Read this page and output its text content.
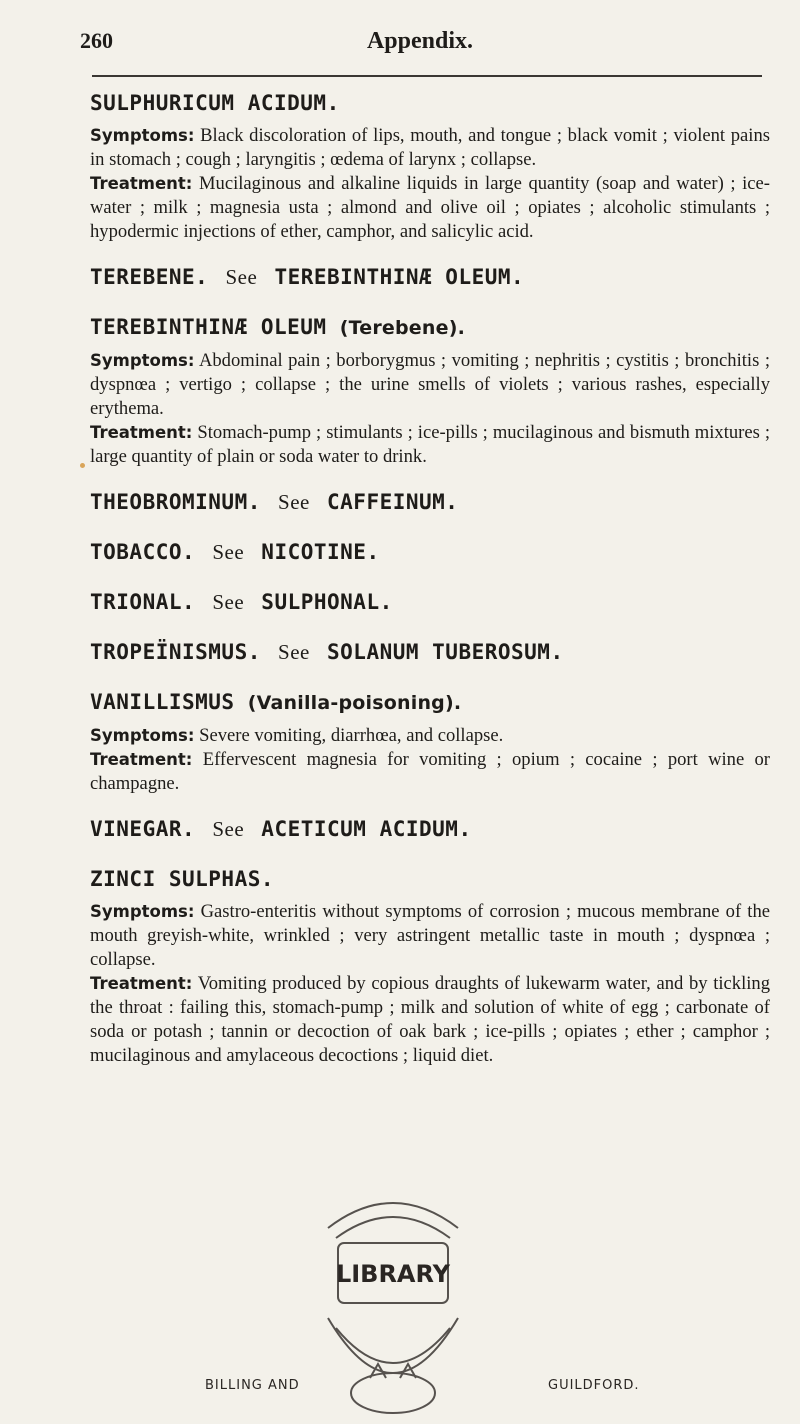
260	Appendix.
SULPHURICUM ACIDUM.

Symptoms: Black discoloration of lips, mouth, and tongue ; black vomit ; violent pains in stomach ; cough ; laryngitis ; œdema of larynx ; collapse.

Treatment: Mucilaginous and alkaline liquids in large quantity (soap and water) ; ice-water ; milk ; magnesia usta ; almond and olive oil ; opiates ; alcoholic stimulants ; hypodermic injections of ether, camphor, and salicylic acid.

TEREBENE. See TEREBINTHINÆ OLEUM.
TEREBINTHINÆ OLEUM (Terebene).

Symptoms: Abdominal pain ; borborygmus ; vomiting ; nephritis ; cystitis ; bronchitis ; dyspnœa ; vertigo ; collapse ; the urine smells of violets ; various rashes, especially erythema.

Treatment: Stomach-pump ; stimulants ; ice-pills ; mucilaginous and bismuth mixtures ; large quantity of plain or soda water to drink.

THEOBROMINUM. See CAFFEINUM.
TOBACCO. See NICOTINE.
TRIONAL. See SULPHONAL.
TROPEÏNISMUS. See SOLANUM TUBEROSUM.
VANILLISMUS (Vanilla-poisoning).

Symptoms: Severe vomiting, diarrhœa, and collapse.

Treatment: Effervescent magnesia for vomiting ; opium ; cocaine ; port wine or champagne.

VINEGAR. See ACETICUM ACIDUM.
ZINCI SULPHAS.

Symptoms: Gastro-enteritis without symptoms of corrosion ; mucous membrane of the mouth greyish-white, wrinkled ; very astringent metallic taste in mouth ; dyspnœa ; collapse.

Treatment: Vomiting produced by copious draughts of lukewarm water, and by tickling the throat : failing this, stomach-pump ; milk and solution of white of egg ; carbonate of soda or potash ; tannin or decoction of oak bark ; ice-pills ; opiates ; ether ; camphor ; mucilaginous and amylaceous decoctions ; liquid diet.

LIBRARY
BILLING AND	GUILDFORD.
